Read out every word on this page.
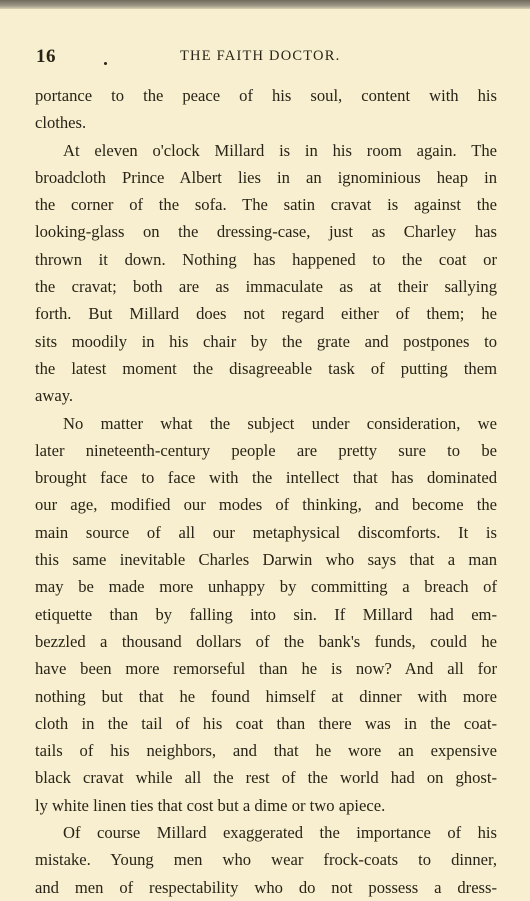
16	THE FAITH DOCTOR.
portance to the peace of his soul, content with his
clothes.
At eleven o'clock Millard is in his room again. The
broadcloth Prince Albert lies in an ignominious heap in
the corner of the sofa. The satin cravat is against the
looking-glass on the dressing-case, just as Charley has
thrown it down. Nothing has happened to the coat or
the cravat; both are as immaculate as at their sallying
forth. But Millard does not regard either of them; he
sits moodily in his chair by the grate and postpones to
the latest moment the disagreeable task of putting them
away.
No matter what the subject under consideration, we
later nineteenth-century people are pretty sure to be
brought face to face with the intellect that has dominated
our age, modified our modes of thinking, and become the
main source of all our metaphysical discomforts. It is
this same inevitable Charles Darwin who says that a man
may be made more unhappy by committing a breach of
etiquette than by falling into sin. If Millard had em-
bezzled a thousand dollars of the bank's funds, could he
have been more remorseful than he is now? And all for
nothing but that he found himself at dinner with more
cloth in the tail of his coat than there was in the coat-
tails of his neighbors, and that he wore an expensive
black cravat while all the rest of the world had on ghost-
ly white linen ties that cost but a dime or two apiece.
Of course Millard exaggerated the importance of his
mistake. Young men who wear frock-coats to dinner,
and men of respectability who do not possess a dress-
